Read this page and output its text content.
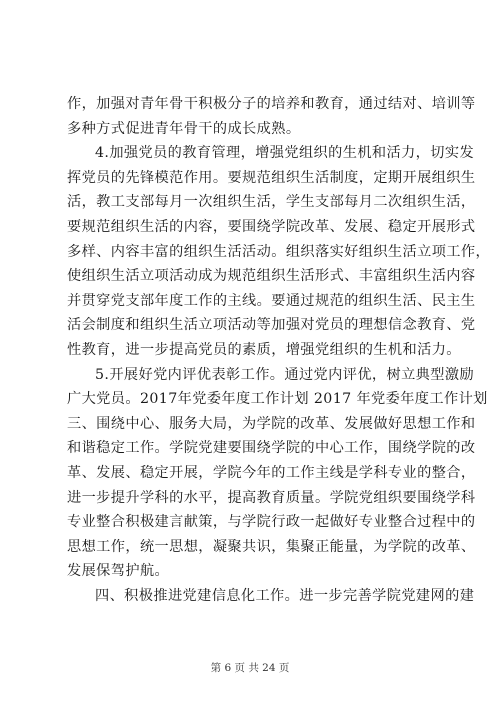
作，加强对青年骨干积极分子的培养和教育，通过结对、培训等
多种方式促进青年骨干的成长成熟。
4.加强党员的教育管理，增强党组织的生机和活力，切实发
挥党员的先锋模范作用。要规范组织生活制度，定期开展组织生
活，教工支部每月一次组织生活，学生支部每月二次组织生活，
要规范组织生活的内容，要围绕学院改革、发展、稳定开展形式
多样、内容丰富的组织生活活动。组织落实好组织生活立项工作，
使组织生活立项活动成为规范组织生活形式、丰富组织生活内容
并贯穿党支部年度工作的主线。要通过规范的组织生活、民主生
活会制度和组织生活立项活动等加强对党员的理想信念教育、党
性教育，进一步提高党员的素质，增强党组织的生机和活力。
5.开展好党内评优表彰工作。通过党内评优，树立典型激励
广大党员。2017年党委年度工作计划 2017 年党委年度工作计划
三、围绕中心、服务大局，为学院的改革、发展做好思想工作和
和谐稳定工作。学院党建要围绕学院的中心工作，围绕学院的改
革、发展、稳定开展，学院今年的工作主线是学科专业的整合，
进一步提升学科的水平，提高教育质量。学院党组织要围绕学科
专业整合积极建言献策，与学院行政一起做好专业整合过程中的
思想工作，统一思想，凝聚共识，集聚正能量，为学院的改革、
发展保驾护航。
四、积极推进党建信息化工作。进一步完善学院党建网的建
第 6 页 共 24 页
